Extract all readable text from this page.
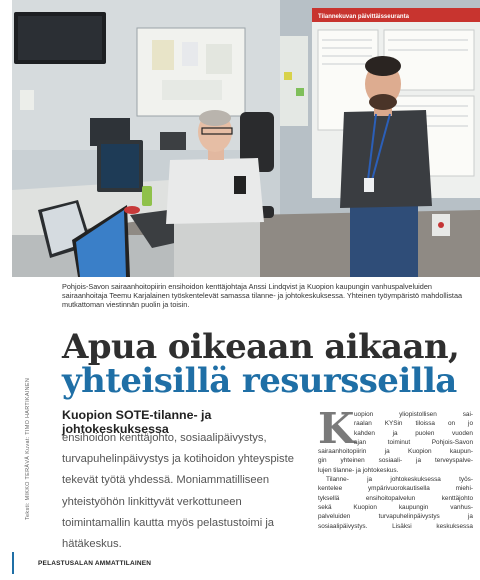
Tilannekuvan päivittäisseuranta
Pohjois-Savon sairaanhoitopiirin ensihoidon kenttäjohtaja Anssi Lindqvist ja Kuopion kaupungin vanhuspalveluiden sairaanhoitaja Teemu Karjalainen työskentelevät samassa tilanne- ja johtokeskuksessa. Yhteinen työympäristö mahdollistaa mutkattoman viestinnän puolin ja toisin.
Teksti: MIKKO TERÄVÄ Kuvat: TIMO HARTIKAINEN
Apua oikeaan aikaan,
yhteisillä resursseilla
Kuopion SOTE-tilanne- ja johtokeskuksessa
ensihoidon kenttäjohto, sosiaalipäivystys, turvapuhelinpäivystys ja kotihoidon yhteyspiste tekevät työtä yhdessä. Moniammatilliseen yhteistyöhön linkittyvät verkottuneen toimintamallin kautta myös pelastustoimi ja hätäkeskus.
K uopion yliopistollisen sai-
raalan KYSin tiloissa on jo
kahden ja puolen vuoden
ajan toiminut Pohjois-Savon
sairaanhoitopiirin ja Kuopion kaupun-
gin yhteinen sosiaali- ja terveyspalve-
lujen tilanne- ja johtokeskus.
Tilanne- ja johtokeskuksessa työs-
kentelee ympärivuorokautisella miehi-
tyksellä ensihoitopalvelun kenttäjohto
sekä Kuopion kaupungin vanhus-
palveluiden turvapuhelinpäivystys ja
sosiaalipäivystys. Lisäksi keskuksessa
PELASTUSALAN AMMATTILAINEN
